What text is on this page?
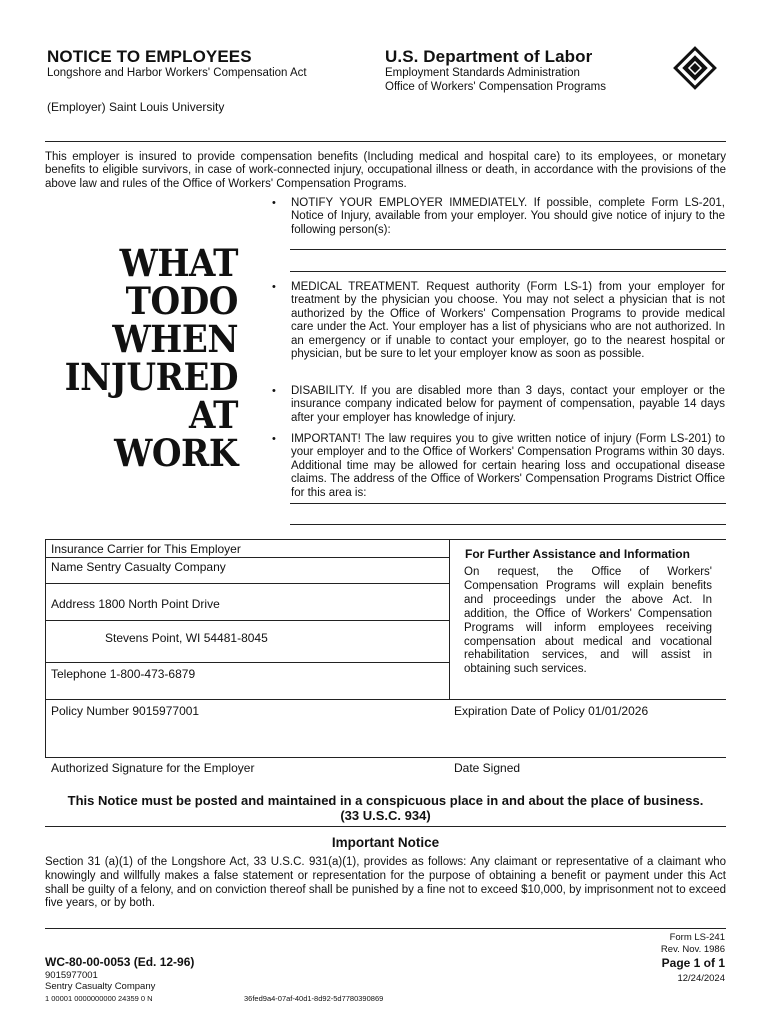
NOTICE TO EMPLOYEES
Longshore and Harbor Workers' Compensation Act
U.S. Department of Labor
Employment Standards Administration
Office of Workers' Compensation Programs
(Employer) Saint Louis University
This employer is insured to provide compensation benefits (Including medical and hospital care) to its employees, or monetary benefits to eligible survivors, in case of work-connected injury, occupational illness or death, in accordance with the provisions of the above law and rules of the Office of Workers' Compensation Programs.
WHAT
TODO
WHEN
INJURED
AT WORK
• NOTIFY YOUR EMPLOYER IMMEDIATELY. If possible, complete Form LS-201, Notice of Injury, available from your employer. You should give notice of injury to the following person(s):
• MEDICAL TREATMENT. Request authority (Form LS-1) from your employer for treatment by the physician you choose. You may not select a physician that is not authorized by the Office of Workers' Compensation Programs to provide medical care under the Act. Your employer has a list of physicians who are not authorized. In an emergency or if unable to contact your employer, go to the nearest hospital or physician, but be sure to let your employer know as soon as possible.
• DISABILITY. If you are disabled more than 3 days, contact your employer or the insurance company indicated below for payment of compensation, payable 14 days after your employer has knowledge of injury.
• IMPORTANT! The law requires you to give written notice of injury (Form LS-201) to your employer and to the Office of Workers' Compensation Programs within 30 days. Additional time may be allowed for certain hearing loss and occupational disease claims. The address of the Office of Workers' Compensation Programs District Office for this area is:
Insurance Carrier for This Employer
Name Sentry Casualty Company
Address 1800 North Point Drive
Stevens Point, WI 54481-8045
Telephone 1-800-473-6879
For Further Assistance and Information
On request, the Office of Workers' Compensation Programs will explain benefits and proceedings under the above Act. In addition, the Office of Workers' Compensation Programs will inform employees receiving compensation about medical and vocational rehabilitation services, and will assist in obtaining such services.
Policy Number 9015977001	Expiration Date of Policy 01/01/2026
Authorized Signature for the Employer	Date Signed
This Notice must be posted and maintained in a conspicuous place in and about the place of business.
(33 U.S.C. 934)
Important Notice
Section 31 (a)(1) of the Longshore Act, 33 U.S.C. 931(a)(1), provides as follows: Any claimant or representative of a claimant who knowingly and willfully makes a false statement or representation for the purpose of obtaining a benefit or payment under this Act shall be guilty of a felony, and on conviction thereof shall be punished by a fine not to exceed $10,000, by imprisonment not to exceed five years, or by both.
Form LS-241
Rev. Nov. 1986
WC-80-00-0053 (Ed. 12-96)	Page 1 of 1
9015977001	12/24/2024
Sentry Casualty Company
1 00001 0000000000 24359 0 N	36fed9a4-07af-40d1-8d92-5d7780390869
